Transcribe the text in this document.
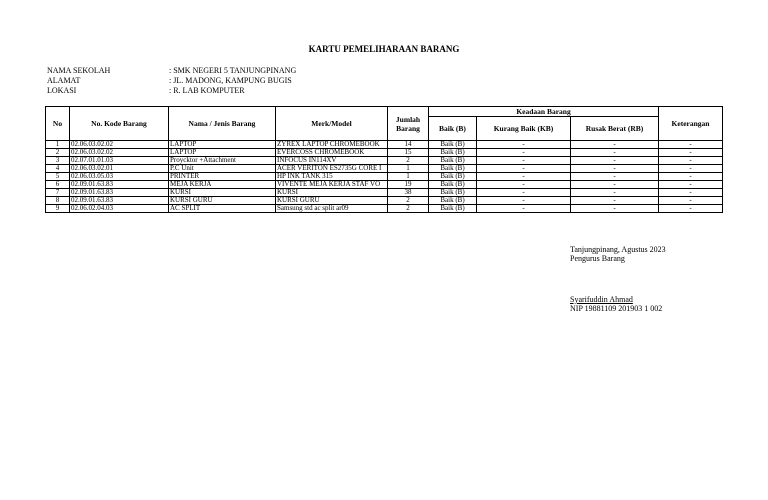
KARTU PEMELIHARAAN BARANG
NAMA SEKOLAH	: SMK NEGERI 5 TANJUNGPINANG
ALAMAT	: JL. MADONG, KAMPUNG BUGIS
LOKASI	: R. LAB KOMPUTER
No	No. Kode Barang	Nama / Jenis Barang	Merk/Model	Jumlah Barang	Keadaan Barang			Keterangan
					Baik (B)	Kurang Baik (KB)	Rusak Berat (RB)	
1	02.06.03.02.02	LAPTOP	ZYREX LAPTOP CHROMEBOOK	14	Baik (B)	-	-	-
2	02.06.03.02.02	LAPTOP	EVERCOSS CHROMEBOOK	15	Baik (B)	-	-	-
3	02.07.01.01.03	Proycktor +Attachment	INFOCUS IN114XV	2	Baik (B)	-	-	-
4	02.06.03.02.01	P.C Unit	ACER VERITON ES2735G CORE I	1	Baik (B)	-	-	-
5	02.06.03.05.03	PRINTER	HP INK TANK 315	1	Baik (B)	-	-	-
6	02.09.01.63.83	MEJA KERJA	VIVENTE MEJA KERJA STAF VO	19	Baik (B)	-	-	-
7	02.09.01.63.83	KURSI	KURSI	38	Baik (B)	-	-	-
8	02.09.01.63.83	KURSI GURU	KURSI GURU	2	Baik (B)	-	-	-
9	02.06.02.04.03	AC SPLIT	Samsung std ac split ar09	2	Baik (B)	-	-	-
Tanjungpinang, Agustus 2023
Pengurus Barang
Syarifuddin Ahmad
NIP 19881109 201903 1 002
